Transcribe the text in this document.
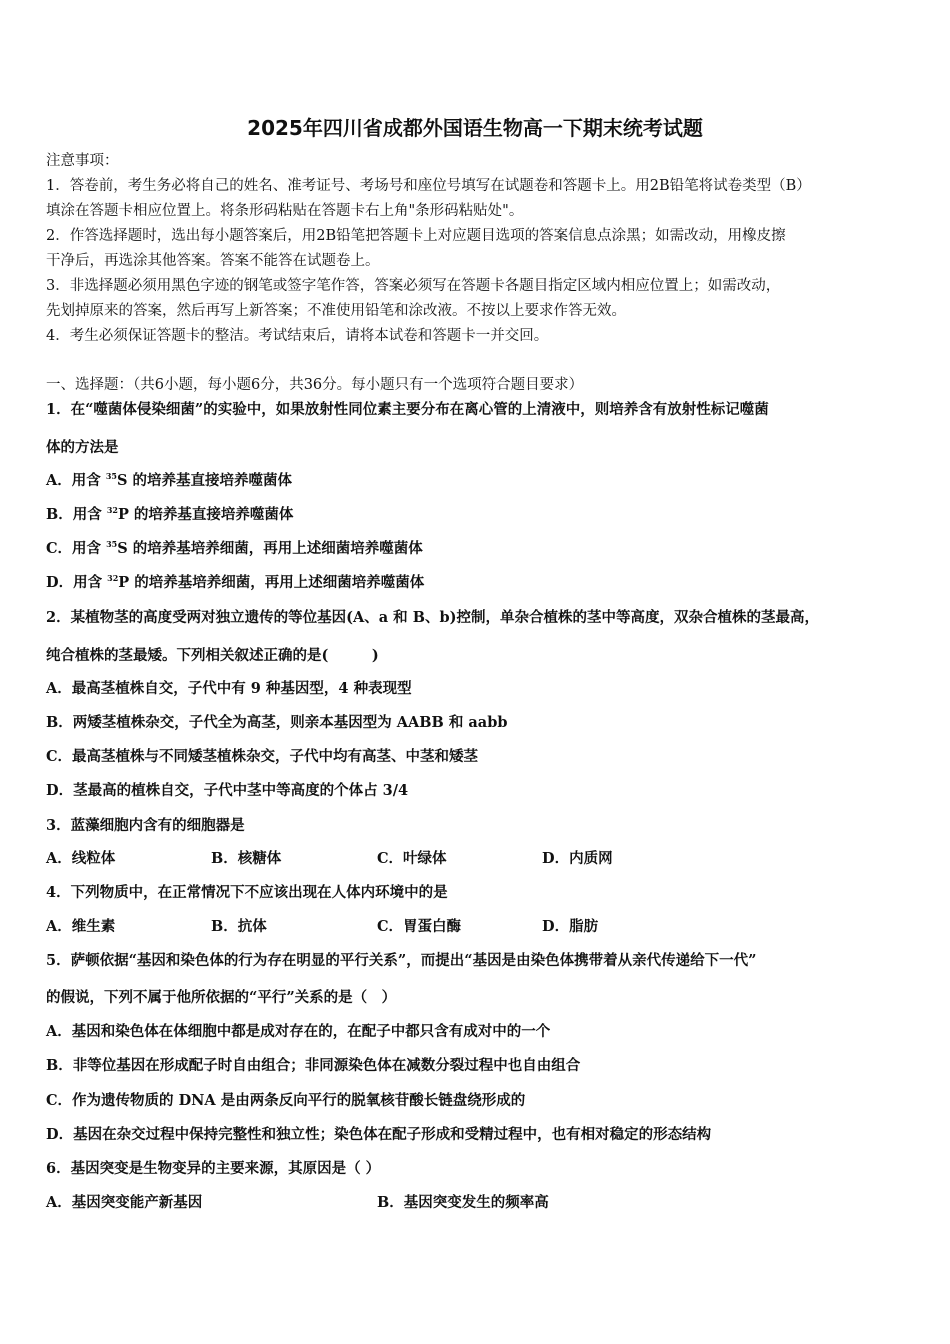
2025年四川省成都外国语生物高一下期末统考试题
注意事项：
1．答卷前，考生务必将自己的姓名、准考证号、考场号和座位号填写在试题卷和答题卡上。用2B铅笔将试卷类型（B）
填涂在答题卡相应位置上。将条形码粘贴在答题卡右上角"条形码粘贴处"。
2．作答选择题时，选出每小题答案后，用2B铅笔把答题卡上对应题目选项的答案信息点涂黑；如需改动，用橡皮擦
干净后，再选涂其他答案。答案不能答在试题卷上。
3．非选择题必须用黑色字迹的钢笔或签字笔作答，答案必须写在答题卡各题目指定区域内相应位置上；如需改动，
先划掉原来的答案，然后再写上新答案；不准使用铅笔和涂改液。不按以上要求作答无效。
4．考生必须保证答题卡的整洁。考试结束后，请将本试卷和答题卡一并交回。
一、选择题：（共6小题，每小题6分，共36分。每小题只有一个选项符合题目要求）
1．在“噬菌体侵染细菌”的实验中，如果放射性同位素主要分布在离心管的上清液中，则培养含有放射性标记噬菌
体的方法是
A．用含 $^{35}$S 的培养基直接培养噬菌体
B．用含 $^{32}$P 的培养基直接培养噬菌体
C．用含 $^{35}$S 的培养基培养细菌，再用上述细菌培养噬菌体
D．用含 $^{32}$P 的培养基培养细菌，再用上述细菌培养噬菌体
2．某植物茎的高度受两对独立遗传的等位基因(A、a 和 B、b)控制，单杂合植株的茎中等高度，双杂合植株的茎最高，
纯合植株的茎最矮。下列相关叙述正确的是(　　　)
A．最高茎植株自交，子代中有 9 种基因型，4 种表现型
B．两矮茎植株杂交，子代全为高茎，则亲本基因型为 AABB 和 aabb
C．最高茎植株与不同矮茎植株杂交，子代中均有高茎、中茎和矮茎
D．茎最高的植株自交，子代中茎中等高度的个体占 3/4
3．蓝藻细胞内含有的细胞器是
A．线粒体	B．核糖体	C．叶绿体	D．内质网
4．下列物质中，在正常情况下不应该出现在人体内环境中的是
A．维生素	B．抗体	C．胃蛋白酶	D．脂肪
5．萨顿依据“基因和染色体的行为存在明显的平行关系”，而提出“基因是由染色体携带着从亲代传递给下一代”
的假说，下列不属于他所依据的“平行”关系的是（　）
A．基因和染色体在体细胞中都是成对存在的，在配子中都只含有成对中的一个
B．非等位基因在形成配子时自由组合；非同源染色体在减数分裂过程中也自由组合
C．作为遗传物质的 DNA 是由两条反向平行的脱氧核苷酸长链盘绕形成的
D．基因在杂交过程中保持完整性和独立性；染色体在配子形成和受精过程中，也有相对稳定的形态结构
6．基因突变是生物变异的主要来源，其原因是（ ）
A．基因突变能产新基因	B．基因突变发生的频率高
